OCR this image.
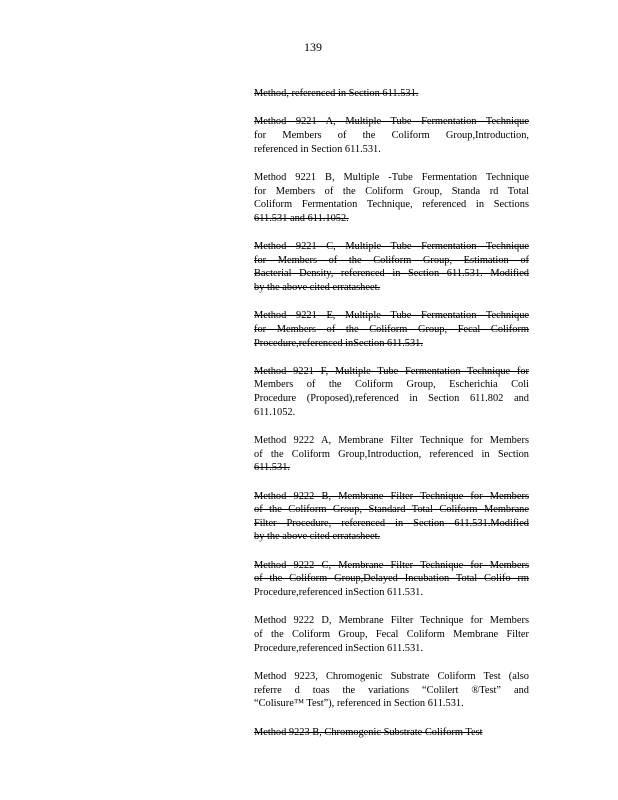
139
Method, referenced in Section 611.531.
Method 9221 A, Multiple Tube Fermentation Technique
for Members of the Coliform Group,Introduction,
referenced in Section 611.531.
Method 9221 B, Multiple -Tube Fermentation Technique
for Members of the Coliform Group, Standa rd Total
Coliform Fermentation Technique, referenced in Sections
611.531 and 611.1052.
Method 9221 C, Multiple Tube Fermentation Technique
for Members of the Coliform Group, Estimation of
Bacterial Density, referenced in Section 611.531. Modified
by the above cited erratasheet.
Method 9221 E, Multiple Tube Fermentation Technique
for Members of the Coliform Group, Fecal Coliform
Procedure,referenced inSection 611.531.
Method 9221 F, Multiple Tube Fermentation Technique for
Members of the Coliform Group, Escherichia Coli
Procedure (Proposed),referenced in Section 611.802 and
611.1052.
Method 9222 A, Membrane Filter Technique for Members
of the Coliform Group,Introduction, referenced in Section
611.531.
Method 9222 B, Membrane Filter Technique for Members
of the Coliform Group, Standard Total Coliform Membrane
Filter Procedure, referenced in Section 611.531.Modified
by the above cited erratasheet.
Method 9222 C, Membrane Filter Technique for Members
of the Coliform Group,Delayed Incubation Total Colifo rm
Procedure,referenced inSection 611.531.
Method 9222 D, Membrane Filter Technique for Members
of the Coliform Group, Fecal Coliform Membrane Filter
Procedure,referenced inSection 611.531.
Method 9223, Chromogenic Substrate Coliform Test (also
referre d toas the variations “Colilert ®Test” and
“Colisure™ Test”), referenced in Section 611.531.
Method 9223 B, Chromogenic Substrate Coliform Test
